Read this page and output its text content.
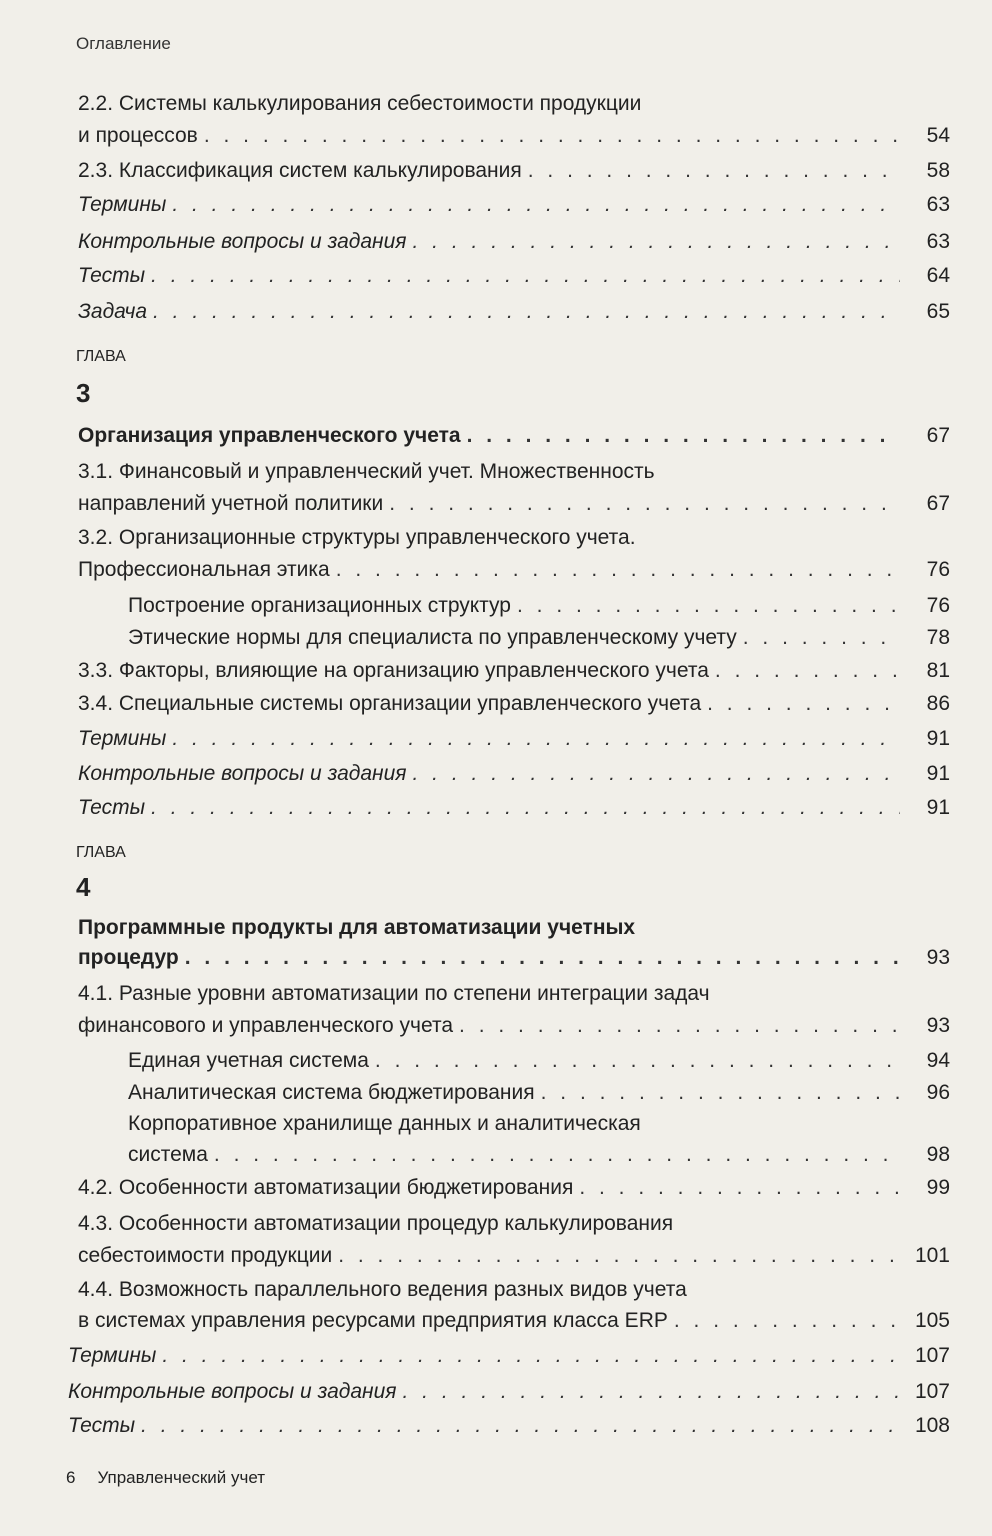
Оглавление
2.2. Системы калькулирования себестоимости продукции
и процессов . . .	54
2.3. Классификация систем калькулирования . . .	58
Термины . . .	63
Контрольные вопросы и задания . . .	63
Тесты . . .	64
Задача . . .	65
ГЛАВА
3
Организация управленческого учета . . .	67
3.1. Финансовый и управленческий учет. Множественность
направлений учетной политики . . .	67
3.2. Организационные структуры управленческого учета.
Профессиональная этика . . .	76
Построение организационных структур . . .	76
Этические нормы для специалиста по управленческому учету . . .	78
3.3. Факторы, влияющие на организацию управленческого учета . . .	81
3.4. Специальные системы организации управленческого учета . . .	86
Термины . . .	91
Контрольные вопросы и задания . . .	91
Тесты . . .	91
ГЛАВА
4
Программные продукты для автоматизации учетных
процедур . . .	93
4.1. Разные уровни автоматизации по степени интеграции задач
финансового и управленческого учета . . .	93
Единая учетная система . . .	94
Аналитическая система бюджетирования . . .	96
Корпоративное хранилище данных и аналитическая
система . . .	98
4.2. Особенности автоматизации бюджетирования . . .	99
4.3. Особенности автоматизации процедур калькулирования
себестоимости продукции . . .	101
4.4. Возможность параллельного ведения разных видов учета
в системах управления ресурсами предприятия класса ERP . . .	105
Термины . . .	107
Контрольные вопросы и задания . . .	107
Тесты . . .	108
6 Управленческий учет
